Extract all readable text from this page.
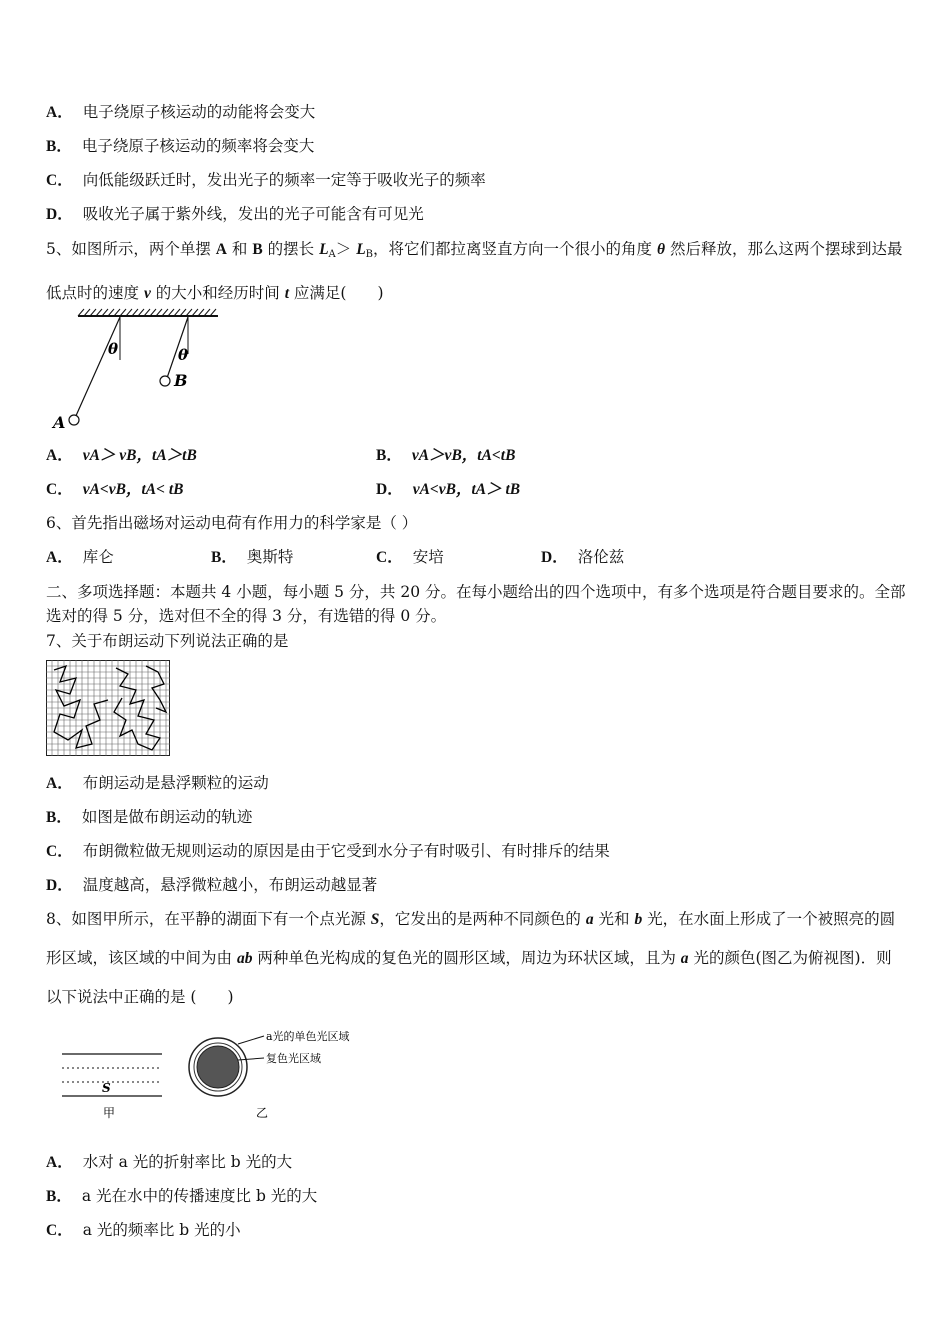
A． 电子绕原子核运动的动能将会变大
B． 电子绕原子核运动的频率将会变大
C． 向低能级跃迁时，发出光子的频率一定等于吸收光子的频率
D． 吸收光子属于紫外线，发出的光子可能含有可见光
5、如图所示，两个单摆 A 和 B 的摆长 $L_A> L_B$，将它们都拉离竖直方向一个很小的角度 θ 然后释放，那么这两个摆球到达最低点时的速度 v 的大小和经历时间 t 应满足(　　)
θ	θ
B
A
A． vA＞ vB，tA＞tB	B． vA＞vB，tA<tB
C． vA<vB，tA< tB	D． vA<vB，tA＞ tB
6、首先指出磁场对运动电荷有作用力的科学家是（ ）
A． 库仑	B． 奥斯特	C． 安培	D． 洛伦兹
二、多项选择题：本题共 4 小题，每小题 5 分，共 20 分。在每小题给出的四个选项中，有多个选项是符合题目要求的。全部选对的得 5 分，选对但不全的得 3 分，有选错的得 0 分。
7、关于布朗运动下列说法正确的是
A． 布朗运动是悬浮颗粒的运动
B． 如图是做布朗运动的轨迹
C． 布朗微粒做无规则运动的原因是由于它受到水分子有时吸引、有时排斥的结果
D． 温度越高，悬浮微粒越小，布朗运动越显著
8、如图甲所示，在平静的湖面下有一个点光源 S，它发出的是两种不同颜色的 a 光和 b 光，在水面上形成了一个被照亮的圆形区域，该区域的中间为由 ab 两种单色光构成的复色光的圆形区域，周边为环状区域，且为 a 光的颜色(图乙为俯视图)．则以下说法中正确的是 (　　)
S
甲
a光的单色光区域
复色光区域
乙
A． 水对 a 光的折射率比 b 光的大
B． a 光在水中的传播速度比 b 光的大
C． a 光的频率比 b 光的小
